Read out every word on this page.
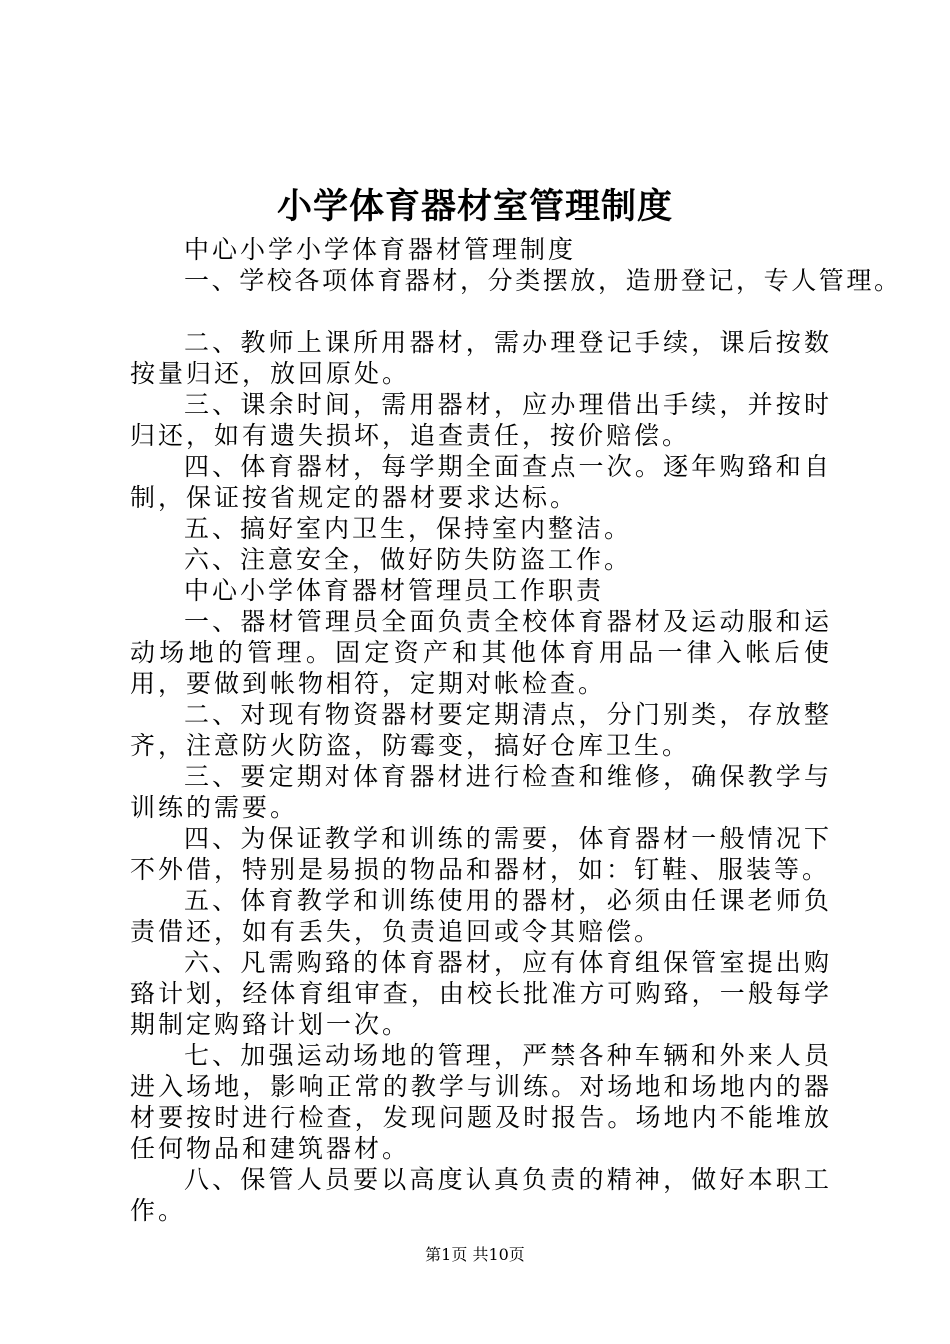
小学体育器材室管理制度

中心小学小学体育器材管理制度

一、学校各项体育器材，分类摆放，造册登记，专人管理。

二、教师上课所用器材，需办理登记手续，课后按数按量归还，放回原处。

三、课余时间，需用器材，应办理借出手续，并按时归还，如有遗失损坏，追查责任，按价赔偿。

四、体育器材，每学期全面查点一次。逐年购臵和自制，保证按省规定的器材要求达标。

五、搞好室内卫生，保持室内整洁。

六、注意安全，做好防失防盗工作。

中心小学体育器材管理员工作职责

一、器材管理员全面负责全校体育器材及运动服和运动场地的管理。固定资产和其他体育用品一律入帐后使用，要做到帐物相符，定期对帐检查。

二、对现有物资器材要定期清点，分门别类，存放整齐，注意防火防盗，防霉变，搞好仓库卫生。

三、要定期对体育器材进行检查和维修，确保教学与训练的需要。

四、为保证教学和训练的需要，体育器材一般情况下不外借，特别是易损的物品和器材，如：钉鞋、服装等。

五、体育教学和训练使用的器材，必须由任课老师负责借还，如有丢失，负责追回或令其赔偿。

六、凡需购臵的体育器材，应有体育组保管室提出购臵计划，经体育组审查，由校长批准方可购臵，一般每学期制定购臵计划一次。

七、加强运动场地的管理，严禁各种车辆和外来人员进入场地，影响正常的教学与训练。对场地和场地内的器材要按时进行检查，发现问题及时报告。场地内不能堆放任何物品和建筑器材。

八、保管人员要以高度认真负责的精神，做好本职工作。

第1页 共10页
